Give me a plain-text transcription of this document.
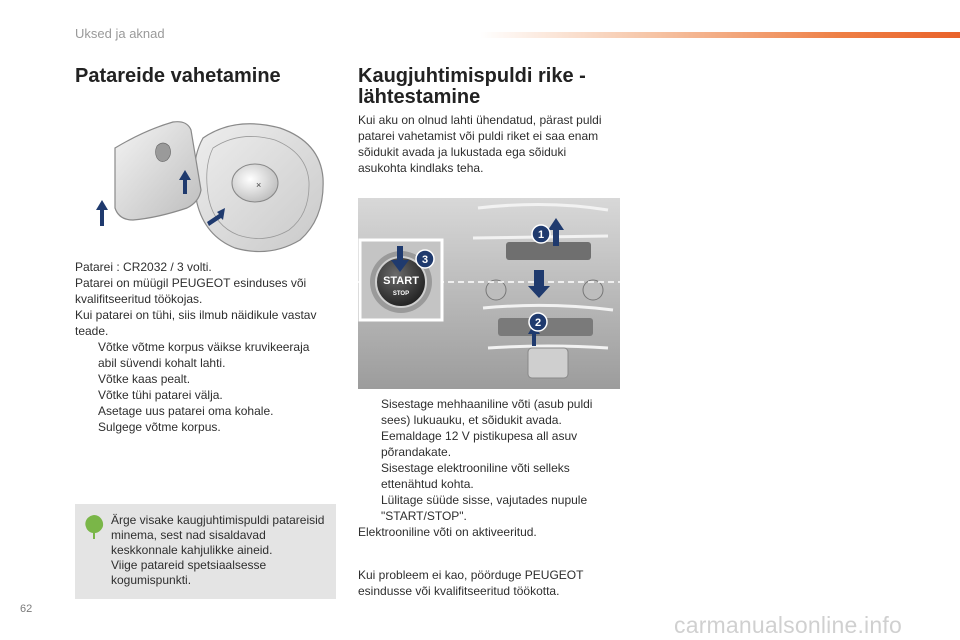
Uksed ja aknad
Patareide vahetamine
×
Patarei : CR2032 / 3 volti.
Patarei on müügil PEUGEOT esinduses või kvalifitseeritud töökojas.
Kui patarei on tühi, siis ilmub näidikule vastav teade.
Võtke võtme korpus väikse kruvikeeraja abil süvendi kohalt lahti.
Võtke kaas pealt.
Võtke tühi patarei välja.
Asetage uus patarei oma kohale.
Sulgege võtme korpus.
Ärge visake kaugjuhtimispuldi patareisid minema, sest nad sisaldavad keskkonnale kahjulikke aineid.
Viige patareid spetsiaalsesse kogumispunkti.
Kaugjuhtimispuldi rike -
lähtestamine
Kui aku on olnud lahti ühendatud, pärast puldi patarei vahetamist või puldi riket ei saa enam sõidukit avada ja lukustada ega sõiduki asukohta kindlaks teha.
START
STOP
1
2
3
Sisestage mehhaaniline võti (asub puldi sees) lukuauku, et sõidukit avada.
Eemaldage 12 V pistikupesa all asuv põrandakate.
Sisestage elektrooniline võti selleks ettenähtud kohta.
Lülitage süüde sisse, vajutades nupule "START/STOP".
Elektrooniline võti on aktiveeritud.
Kui probleem ei kao, pöörduge PEUGEOT esindusse või kvalifitseeritud töökotta.
62
carmanualsonline.info
